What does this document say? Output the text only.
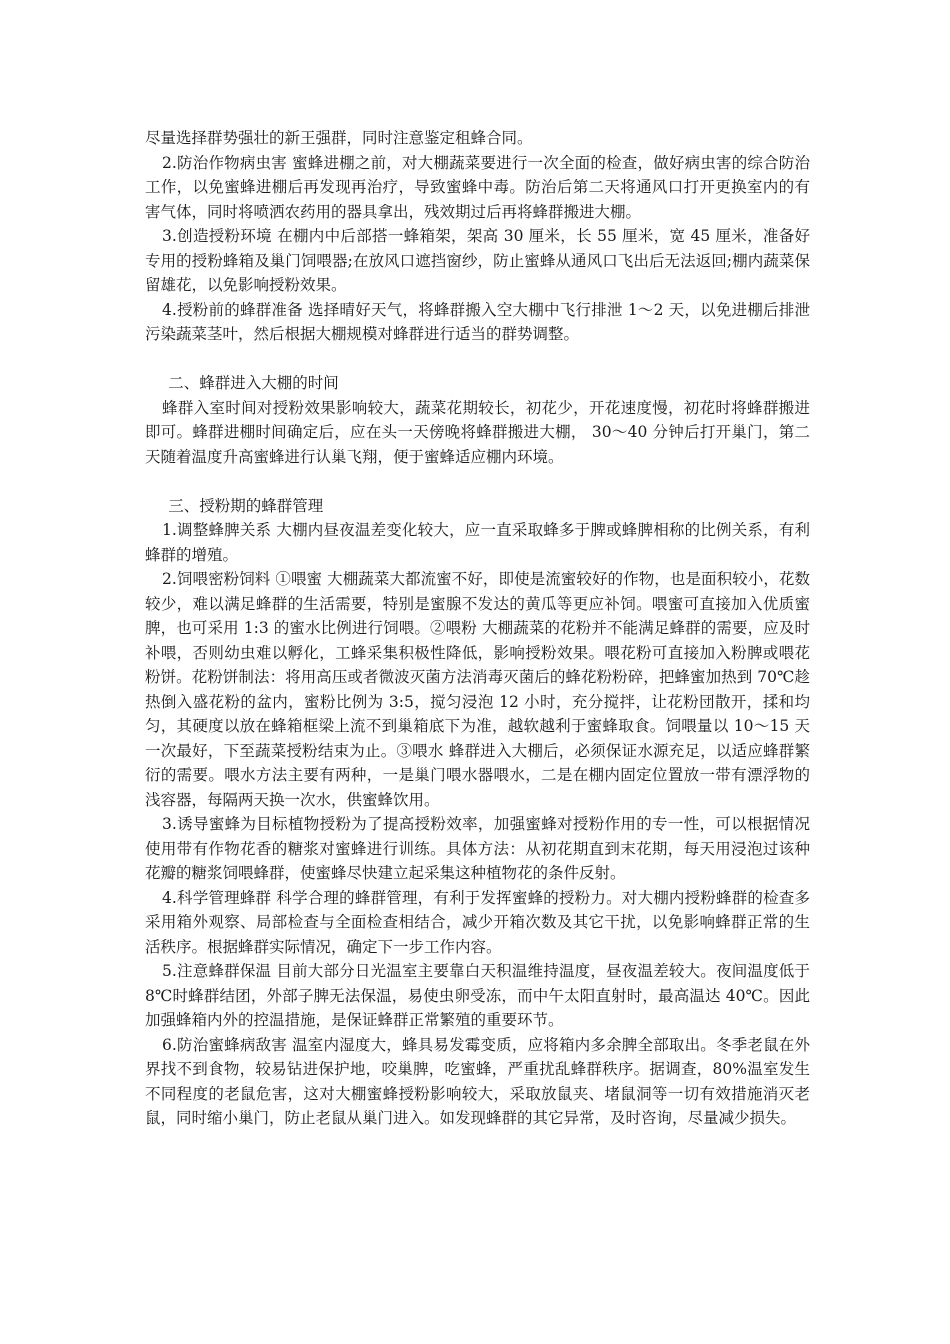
尽量选择群势强壮的新王强群，同时注意鉴定租蜂合同。

2.防治作物病虫害 蜜蜂进棚之前，对大棚蔬菜要进行一次全面的检查，做好病虫害的综合防治工作，以免蜜蜂进棚后再发现再治疗，导致蜜蜂中毒。防治后第二天将通风口打开更换室内的有害气体，同时将喷洒农药用的器具拿出，残效期过后再将蜂群搬进大棚。

3.创造授粉环境 在棚内中后部搭一蜂箱架，架高 30 厘米，长 55 厘米，宽 45 厘米，准备好专用的授粉蜂箱及巢门饲喂器;在放风口遮挡窗纱，防止蜜蜂从通风口飞出后无法返回;棚内蔬菜保留雄花，以免影响授粉效果。

4.授粉前的蜂群准备 选择晴好天气，将蜂群搬入空大棚中飞行排泄 1～2 天，以免进棚后排泄污染蔬菜茎叶，然后根据大棚规模对蜂群进行适当的群势调整。

二、蜂群进入大棚的时间

蜂群入室时间对授粉效果影响较大，蔬菜花期较长，初花少，开花速度慢，初花时将蜂群搬进即可。蜂群进棚时间确定后，应在头一天傍晚将蜂群搬进大棚， 30～40 分钟后打开巢门，第二天随着温度升高蜜蜂进行认巢飞翔，便于蜜蜂适应棚内环境。

三、授粉期的蜂群管理

1.调整蜂脾关系 大棚内昼夜温差变化较大，应一直采取蜂多于脾或蜂脾相称的比例关系，有利蜂群的增殖。

2.饲喂密粉饲料 ①喂蜜 大棚蔬菜大都流蜜不好，即使是流蜜较好的作物，也是面积较小，花数较少，难以满足蜂群的生活需要，特别是蜜腺不发达的黄瓜等更应补饲。喂蜜可直接加入优质蜜脾，也可采用 1:3 的蜜水比例进行饲喂。②喂粉 大棚蔬菜的花粉并不能满足蜂群的需要，应及时补喂，否则幼虫难以孵化，工蜂采集积极性降低，影响授粉效果。喂花粉可直接加入粉脾或喂花粉饼。花粉饼制法：将用高压或者微波灭菌方法消毒灭菌后的蜂花粉粉碎，把蜂蜜加热到 70℃趁热倒入盛花粉的盆内，蜜粉比例为 3:5，搅匀浸泡 12 小时，充分搅拌，让花粉団散开，揉和均匀，其硬度以放在蜂箱框梁上流不到巢箱底下为准，越软越利于蜜蜂取食。饲喂量以 10～15 天一次最好，下至蔬菜授粉结束为止。③喂水 蜂群进入大棚后，必须保证水源充足，以适应蜂群繁衍的需要。喂水方法主要有两种，一是巢门喂水器喂水，二是在棚内固定位置放一带有漂浮物的浅容器，每隔两天换一次水，供蜜蜂饮用。

3.诱导蜜蜂为目标植物授粉为了提高授粉效率，加强蜜蜂对授粉作用的专一性，可以根据情况使用带有作物花香的糖浆对蜜蜂进行训练。具体方法：从初花期直到末花期，每天用浸泡过该种花瓣的糖浆饲喂蜂群，使蜜蜂尽快建立起采集这种植物花的条件反射。

4.科学管理蜂群 科学合理的蜂群管理，有利于发挥蜜蜂的授粉力。对大棚内授粉蜂群的检查多采用箱外观察、局部检查与全面检查相结合，减少开箱次数及其它干扰，以免影响蜂群正常的生活秩序。根据蜂群实际情况，确定下一步工作内容。

5.注意蜂群保温 目前大部分日光温室主要靠白天积温维持温度，昼夜温差较大。夜间温度低于 8℃时蜂群结团，外部子脾无法保温，易使虫卵受冻，而中午太阳直射时，最高温达 40℃。因此加强蜂箱内外的控温措施，是保证蜂群正常繁殖的重要环节。

6.防治蜜蜂病敌害 温室内湿度大，蜂具易发霉变质，应将箱内多余脾全部取出。冬季老鼠在外界找不到食物，较易钻进保护地，咬巢脾，吃蜜蜂，严重扰乱蜂群秩序。据调查，80%温室发生不同程度的老鼠危害，这对大棚蜜蜂授粉影响较大，采取放鼠夹、堵鼠洞等一切有效措施消灭老鼠，同时缩小巢门，防止老鼠从巢门进入。如发现蜂群的其它异常，及时咨询，尽量减少损失。
